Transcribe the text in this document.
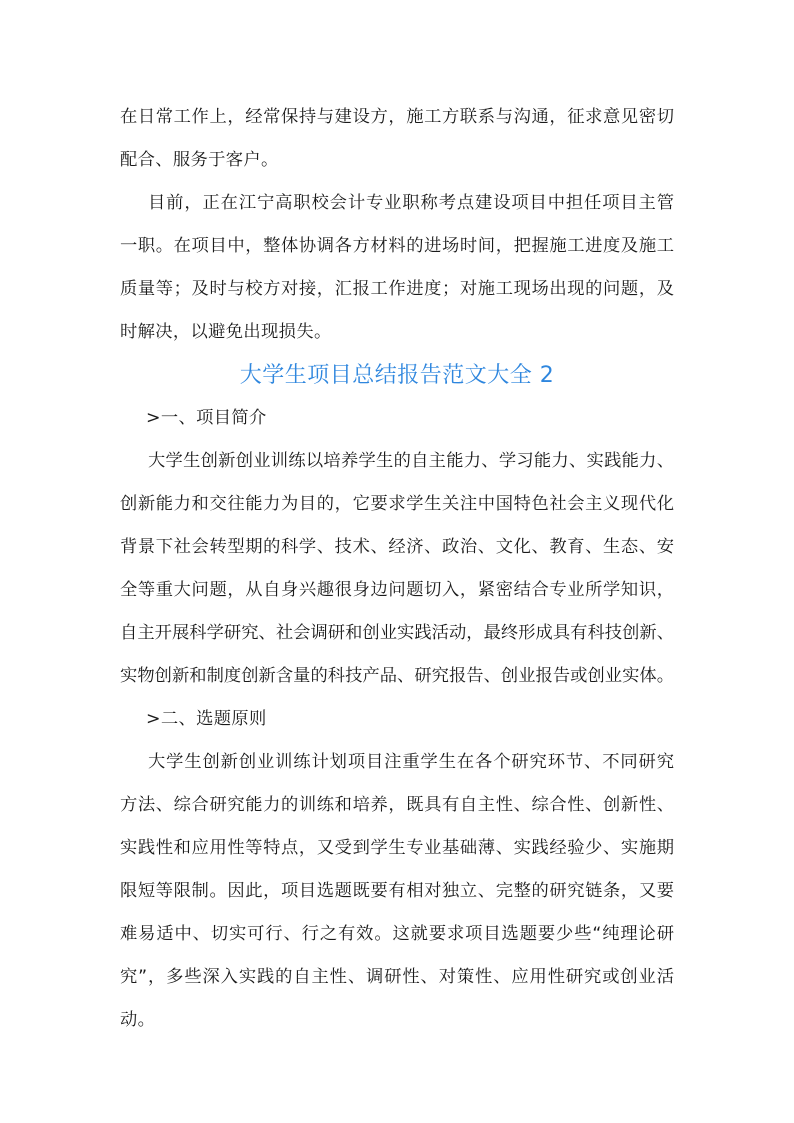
在日常工作上，经常保持与建设方，施工方联系与沟通，征求意见密切
配合、服务于客户。
目前，正在江宁高职校会计专业职称考点建设项目中担任项目主管
一职。在项目中，整体协调各方材料的进场时间，把握施工进度及施工
质量等；及时与校方对接，汇报工作进度；对施工现场出现的问题，及
时解决，以避免出现损失。
大学生项目总结报告范文大全 2
>一、项目简介
大学生创新创业训练以培养学生的自主能力、学习能力、实践能力、
创新能力和交往能力为目的，它要求学生关注中国特色社会主义现代化
背景下社会转型期的科学、技术、经济、政治、文化、教育、生态、安
全等重大问题，从自身兴趣很身边问题切入，紧密结合专业所学知识，
自主开展科学研究、社会调研和创业实践活动，最终形成具有科技创新、
实物创新和制度创新含量的科技产品、研究报告、创业报告或创业实体。
>二、选题原则
大学生创新创业训练计划项目注重学生在各个研究环节、不同研究
方法、综合研究能力的训练和培养，既具有自主性、综合性、创新性、
实践性和应用性等特点，又受到学生专业基础薄、实践经验少、实施期
限短等限制。因此，项目选题既要有相对独立、完整的研究链条，又要
难易适中、切实可行、行之有效。这就要求项目选题要少些“纯理论研
究”，多些深入实践的自主性、调研性、对策性、应用性研究或创业活
动。
